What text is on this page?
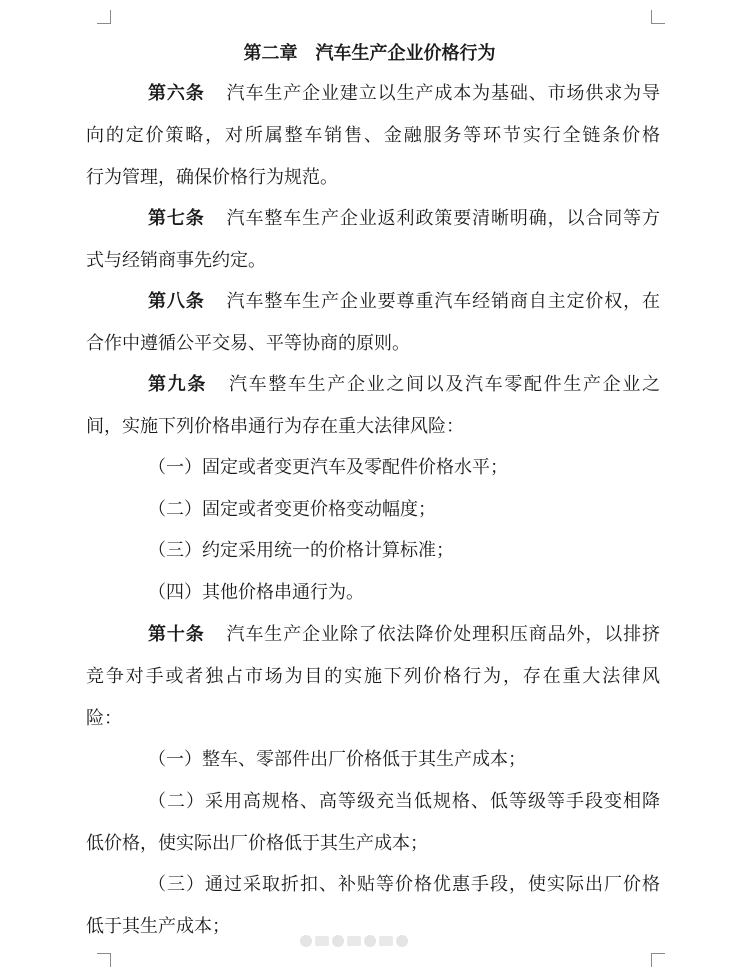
第二章　汽车生产企业价格行为
第六条 汽车生产企业建立以生产成本为基础、市场供求为导
向的定价策略，对所属整车销售、金融服务等环节实行全链条价格
行为管理，确保价格行为规范。
第七条 汽车整车生产企业返利政策要清晰明确，以合同等方
式与经销商事先约定。
第八条 汽车整车生产企业要尊重汽车经销商自主定价权，在
合作中遵循公平交易、平等协商的原则。
第九条 汽车整车生产企业之间以及汽车零配件生产企业之
间，实施下列价格串通行为存在重大法律风险：
（一）固定或者变更汽车及零配件价格水平；
（二）固定或者变更价格变动幅度；
（三）约定采用统一的价格计算标准；
（四）其他价格串通行为。
第十条 汽车生产企业除了依法降价处理积压商品外，以排挤
竞争对手或者独占市场为目的实施下列价格行为，存在重大法律风
险：
（一）整车、零部件出厂价格低于其生产成本；
（二）采用高规格、高等级充当低规格、低等级等手段变相降
低价格，使实际出厂价格低于其生产成本；
（三）通过采取折扣、补贴等价格优惠手段，使实际出厂价格
低于其生产成本；
